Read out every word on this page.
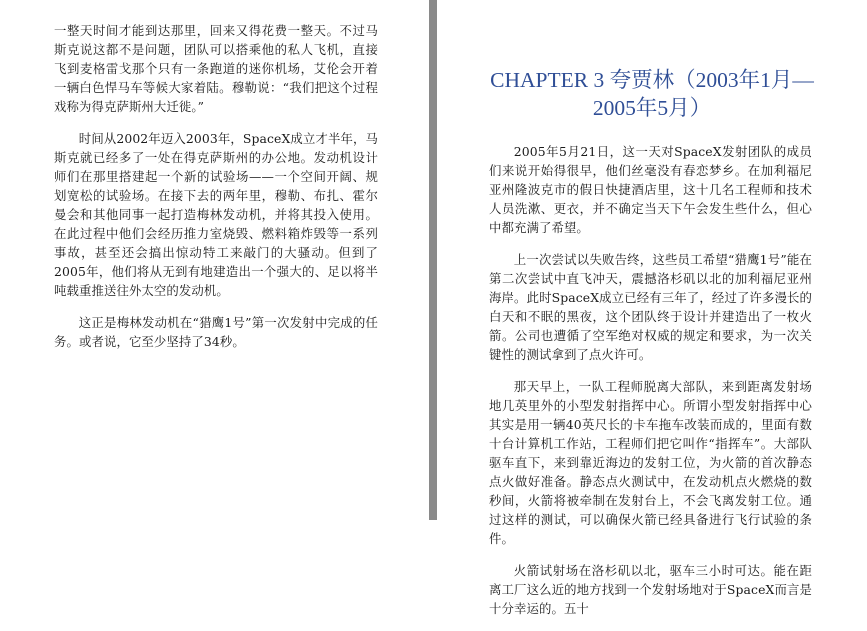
一整天时间才能到达那里，回来又得花费一整天。不过马斯克说这都不是问题，团队可以搭乘他的私人飞机，直接飞到麦格雷戈那个只有一条跑道的迷你机场，艾伦会开着一辆白色悍马车等候大家着陆。穆勒说：“我们把这个过程戏称为得克萨斯州大迁徙。”

时间从2002年迈入2003年，SpaceX成立才半年，马斯克就已经多了一处在得克萨斯州的办公地。发动机设计师们在那里搭建起一个新的试验场——一个空间开阔、规划宽松的试验场。在接下去的两年里，穆勒、布扎、霍尔曼会和其他同事一起打造梅林发动机，并将其投入使用。在此过程中他们会经历推力室烧毁、燃料箱炸毁等一系列事故，甚至还会搞出惊动特工来敲门的大骚动。但到了2005年，他们将从无到有地建造出一个强大的、足以将半吨载重推送往外太空的发动机。

这正是梅林发动机在“猎鹰1号”第一次发射中完成的任务。或者说，它至少坚持了34秒。

CHAPTER 3 夸贾林（2003年1月—2005年5月）

2005年5月21日，这一天对SpaceX发射团队的成员们来说开始得很早，他们丝毫没有春恋梦乡。在加利福尼亚州隆波克市的假日快捷酒店里，这十几名工程师和技术人员洗漱、更衣，并不确定当天下午会发生些什么，但心中都充满了希望。

上一次尝试以失败告终，这些员工希望“猎鹰1号”能在第二次尝试中直飞冲天，震撼洛杉矶以北的加利福尼亚州海岸。此时SpaceX成立已经有三年了，经过了许多漫长的白天和不眠的黑夜，这个团队终于设计并建造出了一枚火箭。公司也遭循了空军绝对权威的规定和要求，为一次关键性的测试拿到了点火许可。

那天早上，一队工程师脱离大部队，来到距离发射场地几英里外的小型发射指挥中心。所谓小型发射指挥中心其实是用一辆40英尺长的卡车拖车改装而成的，里面有数十台计算机工作站，工程师们把它叫作“指挥车”。大部队驱车直下，来到靠近海边的发射工位，为火箭的首次静态点火做好准备。静态点火测试中，在发动机点火燃烧的数秒间，火箭将被牵制在发射台上，不会飞离发射工位。通过这样的测试，可以确保火箭已经具备进行飞行试验的条件。

火箭试射场在洛杉矶以北，驱车三小时可达。能在距离工厂这么近的地方找到一个发射场地对于SpaceX而言是十分幸运的。五十
